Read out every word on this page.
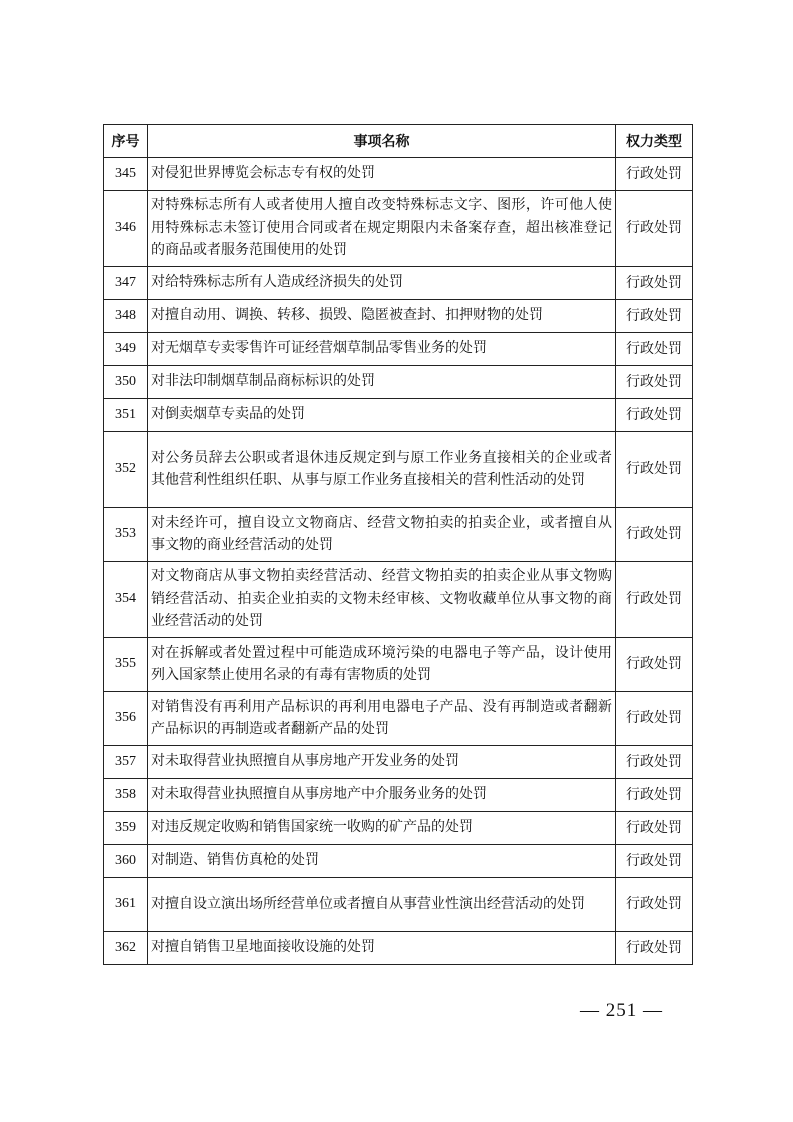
序号	事项名称	权力类型
345	对侵犯世界博览会标志专有权的处罚	行政处罚
346	对特殊标志所有人或者使用人擅自改变特殊标志文字、图形，许可他人使用特殊标志未签订使用合同或者在规定期限内未备案存查，超出核准登记的商品或者服务范围使用的处罚	行政处罚
347	对给特殊标志所有人造成经济损失的处罚	行政处罚
348	对擅自动用、调换、转移、损毁、隐匿被查封、扣押财物的处罚	行政处罚
349	对无烟草专卖零售许可证经营烟草制品零售业务的处罚	行政处罚
350	对非法印制烟草制品商标标识的处罚	行政处罚
351	对倒卖烟草专卖品的处罚	行政处罚
352	对公务员辞去公职或者退休违反规定到与原工作业务直接相关的企业或者其他营利性组织任职、从事与原工作业务直接相关的营利性活动的处罚	行政处罚
353	对未经许可，擅自设立文物商店、经营文物拍卖的拍卖企业，或者擅自从事文物的商业经营活动的处罚	行政处罚
354	对文物商店从事文物拍卖经营活动、经营文物拍卖的拍卖企业从事文物购销经营活动、拍卖企业拍卖的文物未经审核、文物收藏单位从事文物的商业经营活动的处罚	行政处罚
355	对在拆解或者处置过程中可能造成环境污染的电器电子等产品，设计使用列入国家禁止使用名录的有毒有害物质的处罚	行政处罚
356	对销售没有再利用产品标识的再利用电器电子产品、没有再制造或者翻新产品标识的再制造或者翻新产品的处罚	行政处罚
357	对未取得营业执照擅自从事房地产开发业务的处罚	行政处罚
358	对未取得营业执照擅自从事房地产中介服务业务的处罚	行政处罚
359	对违反规定收购和销售国家统一收购的矿产品的处罚	行政处罚
360	对制造、销售仿真枪的处罚	行政处罚
361	对擅自设立演出场所经营单位或者擅自从事营业性演出经营活动的处罚	行政处罚
362	对擅自销售卫星地面接收设施的处罚	行政处罚
— 251 —
